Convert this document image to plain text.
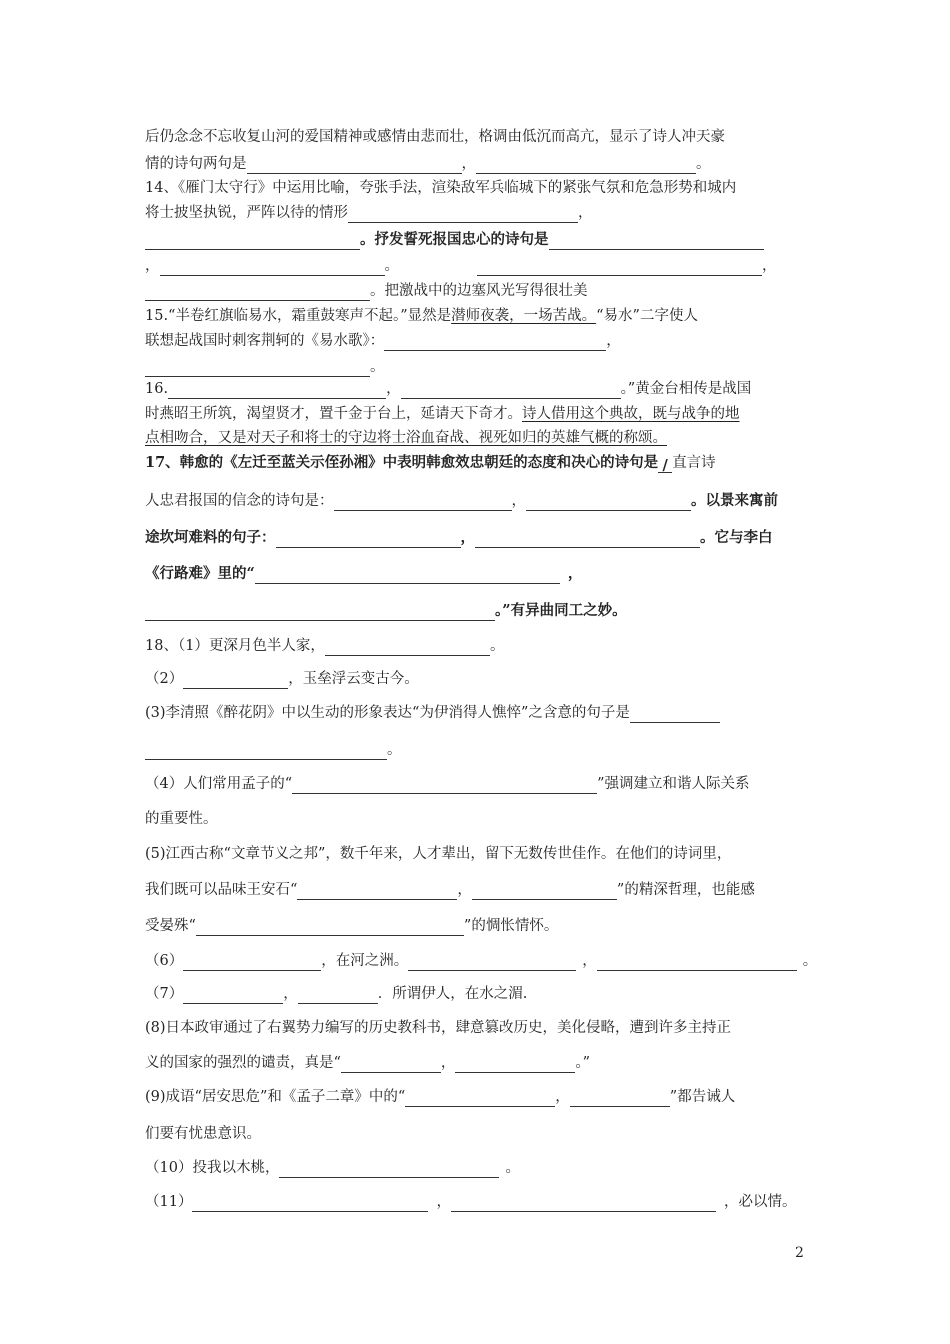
后仍念念不忘收复山河的爱国精神或感情由悲而壮，格调由低沉而高亢，显示了诗人冲天豪
情的诗句两句是	，	。
14、《雁门太守行》中运用比喻，夸张手法，渲染敌军兵临城下的紧张气氛和危急形势和城内
将士披坚执锐，严阵以待的情形	，
。抒发誓死报国忠心的诗句是
，	。	，
。把激战中的边塞风光写得很壮美
15.“半卷红旗临易水，霜重鼓寒声不起。”显然是潜师夜袭，一场苦战。“易水”二字使人
联想起战国时刺客荆轲的《易水歌》：	，
。
16.	，	。”黄金台相传是战国
时燕昭王所筑，渴望贤才，置千金于台上，延请天下奇才。诗人借用这个典故，既与战争的地
点相吻合，又是对天子和将士的守边将士浴血奋战、视死如归的英雄气概的称颂。
17、韩愈的《左迁至蓝关示侄孙湘》中表明韩愈效忠朝廷的态度和决心的诗句是 / 直言诗
人忠君报国的信念的诗句是：	，	。以景来寓前
途坎坷难料的句子：	，	。它与李白
《行路难》里的“	，
。”有异曲同工之妙。
18、（1）更深月色半人家，	。
（2）	，玉垒浮云变古今。
(3)李清照《醉花阴》中以生动的形象表达“为伊消得人憔悴”之含意的句子是
。
（4）人们常用孟子的“	”强调建立和谐人际关系
的重要性。
(5)江西古称“文章节义之邦”，数千年来，人才辈出，留下无数传世佳作。在他们的诗词里，
我们既可以品味王安石“	，	”的精深哲理，也能感
受晏殊“	”的惆怅情怀。
（6）	，在河之洲。	，	。
（7）	，	．所谓伊人，在水之湄.
(8)日本政审通过了右翼势力编写的历史教科书，肆意篡改历史，美化侵略，遭到许多主持正
义的国家的强烈的谴责，真是“	，	。”
(9)成语“居安思危”和《孟子二章》中的“	，	”都告诫人
们要有忧患意识。
（10）投我以木桃，	。
（11）	，	，必以情。
2
